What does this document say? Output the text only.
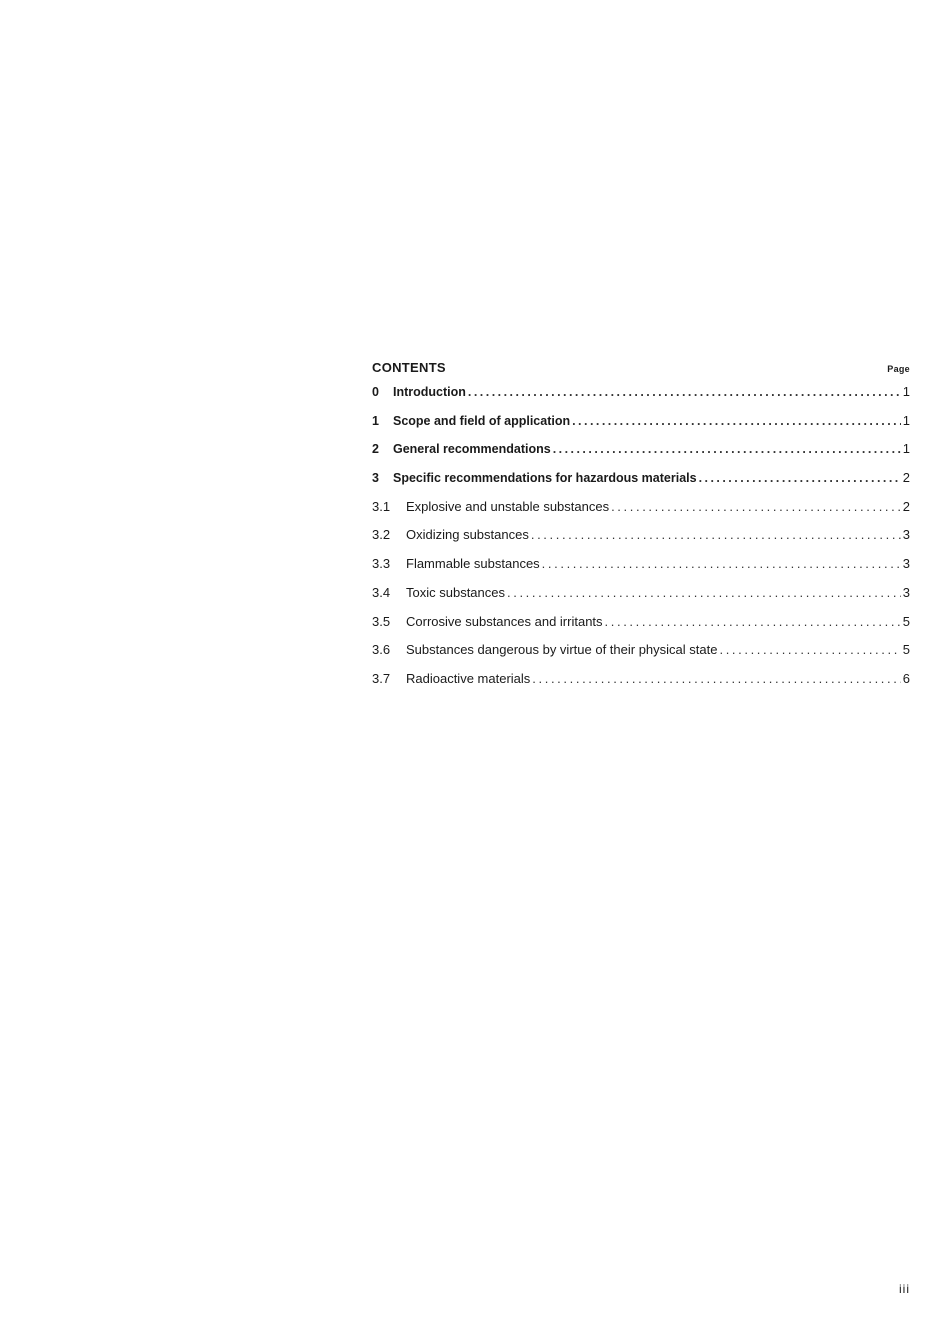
CONTENTS	Page
0	Introduction . . .	1
1	Scope and field of application . . .	1
2	General recommendations . . .	1
3	Specific recommendations for hazardous materials . . .	2
3.1	Explosive and unstable substances . . .	2
3.2	Oxidizing substances . . .	3
3.3	Flammable substances . . .	3
3.4	Toxic substances . . .	3
3.5	Corrosive substances and irritants . . .	5
3.6	Substances dangerous by virtue of their physical state . . .	5
3.7	Radioactive materials . . .	6
iii
